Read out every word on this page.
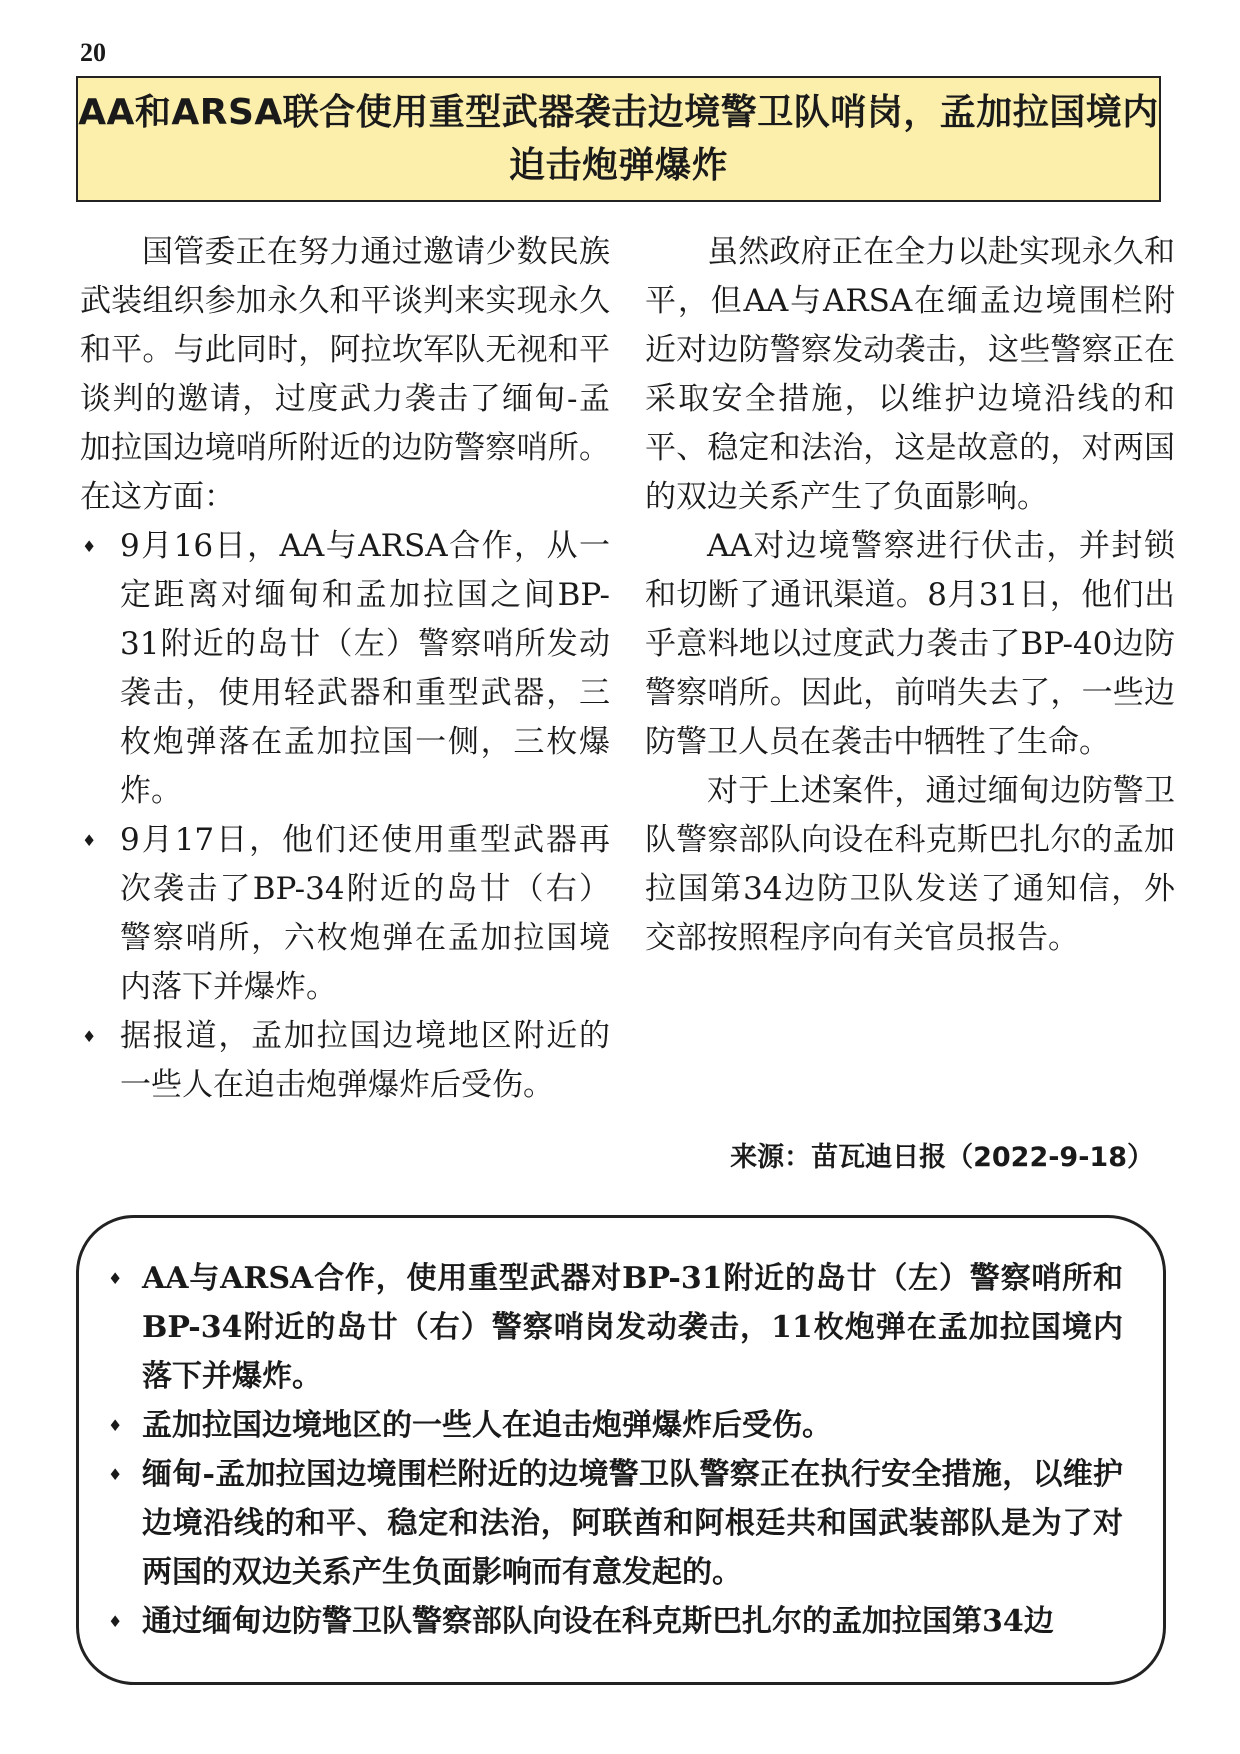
20
AA和ARSA联合使用重型武器袭击边境警卫队哨岗，孟加拉国境内
迫击炮弹爆炸

国管委正在努力通过邀请少数民族武装组织参加永久和平谈判来实现永久和平。与此同时，阿拉坎军队无视和平谈判的邀请，过度武力袭击了缅甸-孟加拉国边境哨所附近的边防警察哨所。在这方面：

♦ 9月16日，AA与ARSA合作，从一定距离对缅甸和孟加拉国之间BP-31附近的岛廿（左）警察哨所发动袭击，使用轻武器和重型武器，三枚炮弹落在孟加拉国一侧，三枚爆炸。
♦ 9月17日，他们还使用重型武器再次袭击了BP-34附近的岛廿（右）警察哨所，六枚炮弹在孟加拉国境内落下并爆炸。
♦ 据报道，孟加拉国边境地区附近的一些人在迫击炮弹爆炸后受伤。

虽然政府正在全力以赴实现永久和平，但AA与ARSA在缅孟边境围栏附近对边防警察发动袭击，这些警察正在采取安全措施，以维护边境沿线的和平、稳定和法治，这是故意的，对两国的双边关系产生了负面影响。

AA对边境警察进行伏击，并封锁和切断了通讯渠道。8月31日，他们出乎意料地以过度武力袭击了BP-40边防警察哨所。因此，前哨失去了，一些边防警卫人员在袭击中牺牲了生命。

对于上述案件，通过缅甸边防警卫队警察部队向设在科克斯巴扎尔的孟加拉国第34边防卫队发送了通知信，外交部按照程序向有关官员报告。

来源：苗瓦迪日报（2022-9-18）
♦ AA与ARSA合作，使用重型武器对BP-31附近的岛廿（左）警察哨所和BP-34附近的岛廿（右）警察哨岗发动袭击，11枚炮弹在孟加拉国境内落下并爆炸。
♦ 孟加拉国边境地区的一些人在迫击炮弹爆炸后受伤。
♦ 缅甸-孟加拉国边境围栏附近的边境警卫队警察正在执行安全措施，以维护边境沿线的和平、稳定和法治，阿联酋和阿根廷共和国武装部队是为了对两国的双边关系产生负面影响而有意发起的。
♦ 通过缅甸边防警卫队警察部队向设在科克斯巴扎尔的孟加拉国第34边
